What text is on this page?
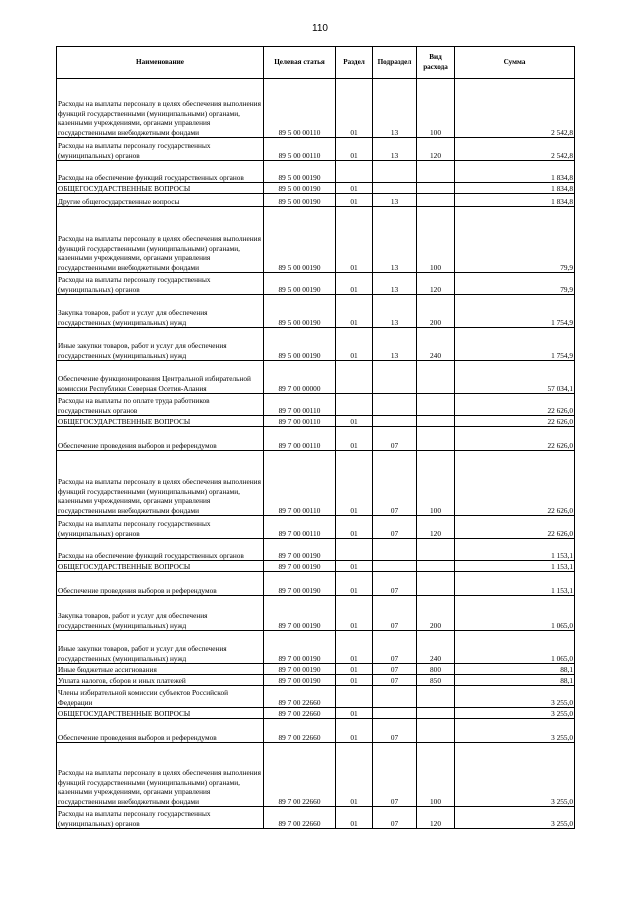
110
Наименование	Целевая статья	Раздел	Подраздел	Вид расхода	Сумма
Расходы на выплаты персоналу в целях обеспечения выполнения функций государственными (муниципальными) органами, казенными учреждениями, органами управления государственными внебюджетными фондами	89 5 00 00110	01	13	100	2 542,8
Расходы на выплаты персоналу государственных (муниципальных) органов	89 5 00 00110	01	13	120	2 542,8
Расходы на обеспечение функций государственных органов	89 5 00 00190				1 834,8
ОБЩЕГОСУДАРСТВЕННЫЕ ВОПРОСЫ	89 5 00 00190	01			1 834,8
Другие общегосударственные вопросы	89 5 00 00190	01	13		1 834,8
Расходы на выплаты персоналу в целях обеспечения выполнения функций государственными (муниципальными) органами, казенными учреждениями, органами управления государственными внебюджетными фондами	89 5 00 00190	01	13	100	79,9
Расходы на выплаты персоналу государственных (муниципальных) органов	89 5 00 00190	01	13	120	79,9
Закупка товаров, работ и услуг для обеспечения государственных (муниципальных) нужд	89 5 00 00190	01	13	200	1 754,9
Иные закупки товаров, работ и услуг для обеспечения государственных (муниципальных) нужд	89 5 00 00190	01	13	240	1 754,9
Обеспечение функционирования Центральной избирательной комиссии Республики Северная Осетия-Алания	89 7 00 00000				57 034,1
Расходы на выплаты по оплате труда работников государственных органов	89 7 00 00110				22 626,0
ОБЩЕГОСУДАРСТВЕННЫЕ ВОПРОСЫ	89 7 00 00110	01			22 626,0
Обеспечение проведения выборов и референдумов	89 7 00 00110	01	07		22 626,0
Расходы на выплаты персоналу в целях обеспечения выполнения функций государственными (муниципальными) органами, казенными учреждениями, органами управления государственными внебюджетными фондами	89 7 00 00110	01	07	100	22 626,0
Расходы на выплаты персоналу государственных (муниципальных) органов	89 7 00 00110	01	07	120	22 626,0
Расходы на обеспечение функций государственных органов	89 7 00 00190				1 153,1
ОБЩЕГОСУДАРСТВЕННЫЕ ВОПРОСЫ	89 7 00 00190	01			1 153,1
Обеспечение проведения выборов и референдумов	89 7 00 00190	01	07		1 153,1
Закупка товаров, работ и услуг для обеспечения государственных (муниципальных) нужд	89 7 00 00190	01	07	200	1 065,0
Иные закупки товаров, работ и услуг для обеспечения государственных (муниципальных) нужд	89 7 00 00190	01	07	240	1 065,0
Иные бюджетные ассигнования	89 7 00 00190	01	07	800	88,1
Уплата налогов, сборов и иных платежей	89 7 00 00190	01	07	850	88,1
Члены избирательной комиссии субъектов Российской Федерации	89 7 00 22660				3 255,0
ОБЩЕГОСУДАРСТВЕННЫЕ ВОПРОСЫ	89 7 00 22660	01			3 255,0
Обеспечение проведения выборов и референдумов	89 7 00 22660	01	07		3 255,0
Расходы на выплаты персоналу в целях обеспечения выполнения функций государственными (муниципальными) органами, казенными учреждениями, органами управления государственными внебюджетными фондами	89 7 00 22660	01	07	100	3 255,0
Расходы на выплаты персоналу государственных (муниципальных) органов	89 7 00 22660	01	07	120	3 255,0
